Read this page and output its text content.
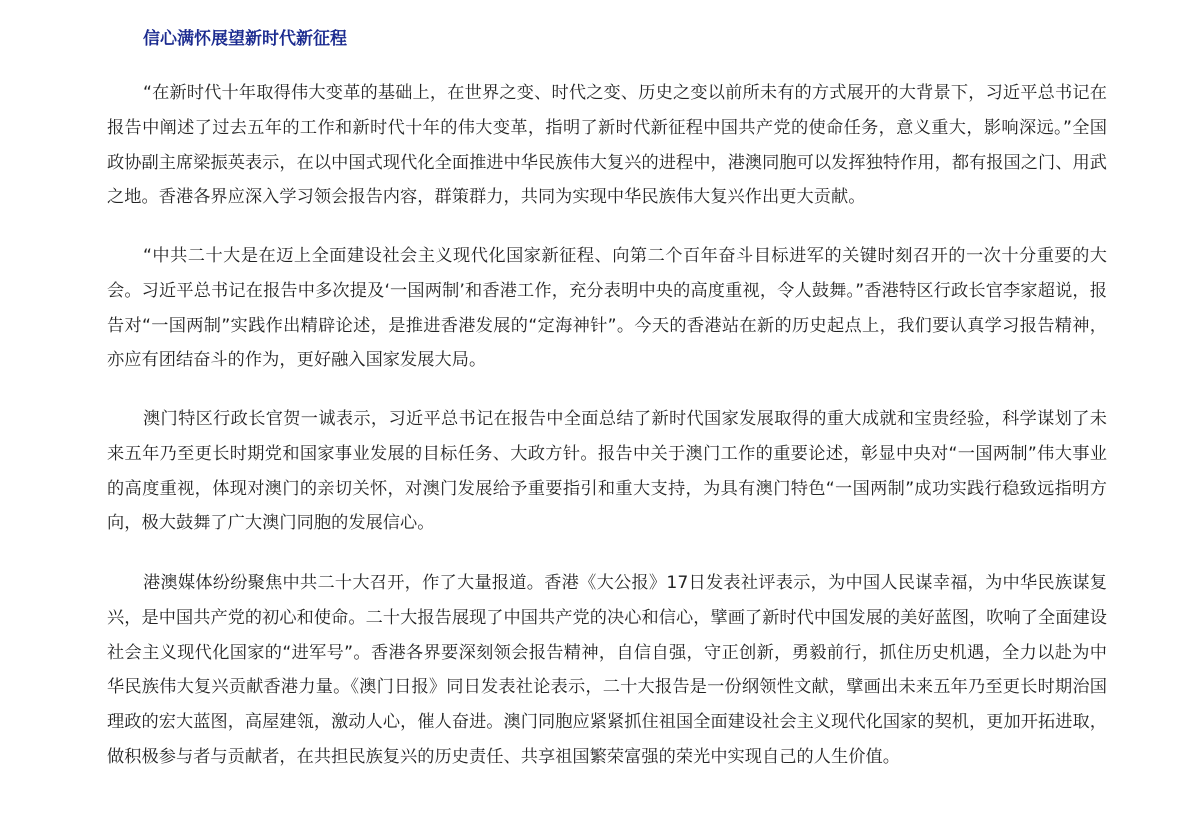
信心满怀展望新时代新征程

“在新时代十年取得伟大变革的基础上，在世界之变、时代之变、历史之变以前所未有的方式展开的大背景下，习近平总书记在报告中阐述了过去五年的工作和新时代十年的伟大变革，指明了新时代新征程中国共产党的使命任务，意义重大，影响深远。”全国政协副主席梁振英表示，在以中国式现代化全面推进中华民族伟大复兴的进程中，港澳同胞可以发挥独特作用，都有报国之门、用武之地。香港各界应深入学习领会报告内容，群策群力，共同为实现中华民族伟大复兴作出更大贡献。

“中共二十大是在迈上全面建设社会主义现代化国家新征程、向第二个百年奋斗目标进军的关键时刻召开的一次十分重要的大会。习近平总书记在报告中多次提及‘一国两制’和香港工作，充分表明中央的高度重视，令人鼓舞。”香港特区行政长官李家超说，报告对“一国两制”实践作出精辟论述，是推进香港发展的“定海神针”。今天的香港站在新的历史起点上，我们要认真学习报告精神，亦应有团结奋斗的作为，更好融入国家发展大局。

澳门特区行政长官贺一诚表示，习近平总书记在报告中全面总结了新时代国家发展取得的重大成就和宝贵经验，科学谋划了未来五年乃至更长时期党和国家事业发展的目标任务、大政方针。报告中关于澳门工作的重要论述，彰显中央对“一国两制”伟大事业的高度重视，体现对澳门的亲切关怀，对澳门发展给予重要指引和重大支持，为具有澳门特色“一国两制”成功实践行稳致远指明方向，极大鼓舞了广大澳门同胞的发展信心。

港澳媒体纷纷聚焦中共二十大召开，作了大量报道。香港《大公报》17日发表社评表示，为中国人民谋幸福，为中华民族谋复兴，是中国共产党的初心和使命。二十大报告展现了中国共产党的决心和信心，擘画了新时代中国发展的美好蓝图，吹响了全面建设社会主义现代化国家的“进军号”。香港各界要深刻领会报告精神，自信自强，守正创新，勇毅前行，抓住历史机遇，全力以赴为中华民族伟大复兴贡献香港力量。《澳门日报》同日发表社论表示，二十大报告是一份纲领性文献，擘画出未来五年乃至更长时期治国理政的宏大蓝图，高屋建瓴，激动人心，催人奋进。澳门同胞应紧紧抓住祖国全面建设社会主义现代化国家的契机，更加开拓进取，做积极参与者与贡献者，在共担民族复兴的历史责任、共享祖国繁荣富强的荣光中实现自己的人生价值。
